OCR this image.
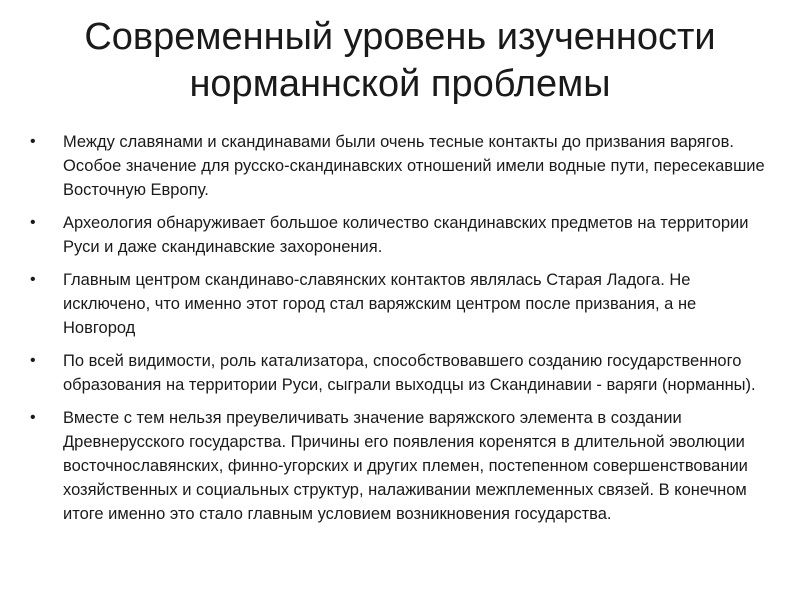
Современный уровень изученности
норманнской проблемы
• Между славянами и скандинавами были очень тесные контакты до призвания варягов. Особое значение для русско-скандинавских отношений имели водные пути, пересекавшие Восточную Европу.
• Археология обнаруживает большое количество скандинавских предметов на территории Руси и даже скандинавские захоронения.
• Главным центром скандинаво-славянских контактов являлась Старая Ладога. Не исключено, что именно этот город стал варяжским центром после призвания, а не Новгород
• По всей видимости, роль катализатора, способствовавшего созданию государственного образования на территории Руси, сыграли выходцы из Скандинавии - варяги (норманны).
• Вместе с тем нельзя преувеличивать значение варяжского элемента в создании Древнерусского государства. Причины его появления коренятся в длительной эволюции восточнославянских, финно-угорских и других племен, постепенном совершенствовании хозяйственных и социальных структур, налаживании межплеменных связей. В конечном итоге именно это стало главным условием возникновения государства.
